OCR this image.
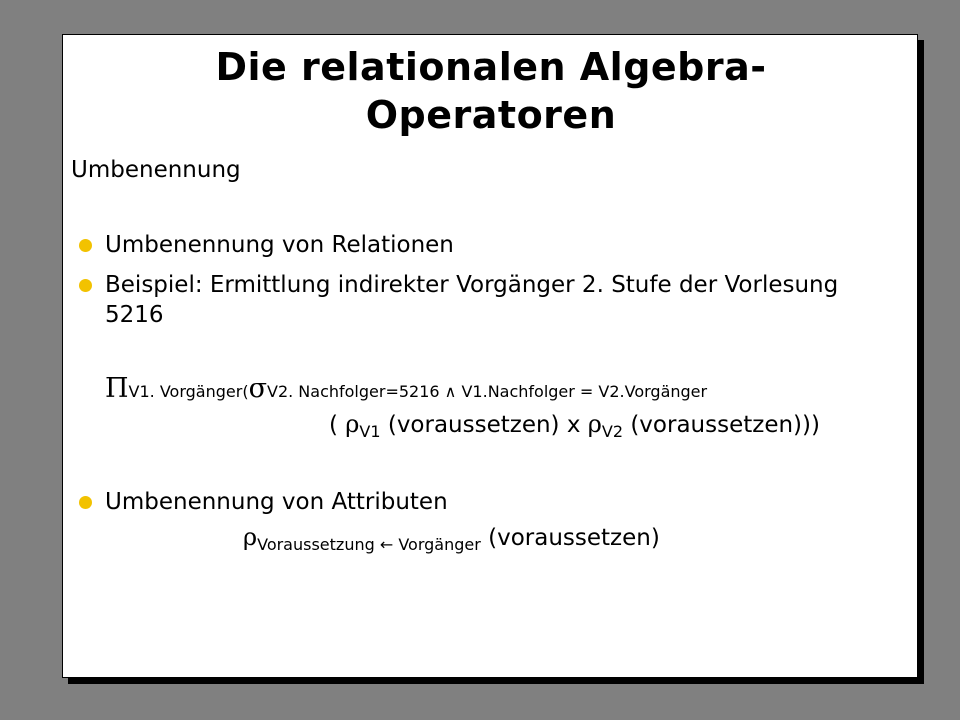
Die relationalen Algebra-
Operatoren
Umbenennung
Umbenennung von Relationen
Beispiel: Ermittlung indirekter Vorgänger 2. Stufe der Vorlesung
5216
ΠV1. Vorgänger(σV2. Nachfolger=5216 ∧ V1.Nachfolger = V2.Vorgänger
( $\rho_{V1}$ (voraussetzen) x $\rho_{V2}$ (voraussetzen)))
Umbenennung von Attributen
$\rho_{Voraussetzung}$ $_\leftarrow$ $_{Vorgänger}$ (voraussetzen)
